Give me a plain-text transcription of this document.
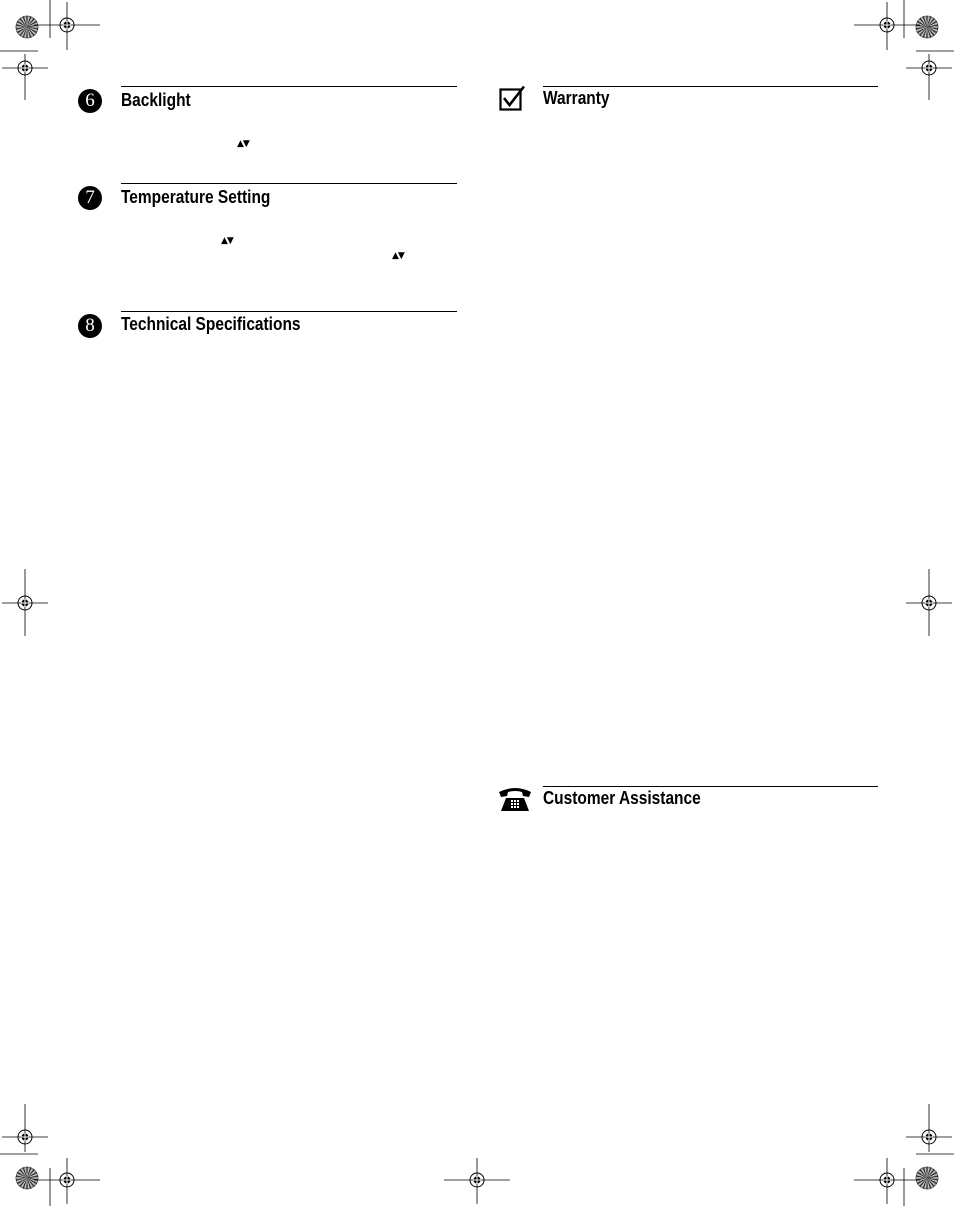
6	Backlight
▲▼
7	Temperature Setting
▲▼
▲▼
8	Technical Specifications
Warranty
Customer Assistance
